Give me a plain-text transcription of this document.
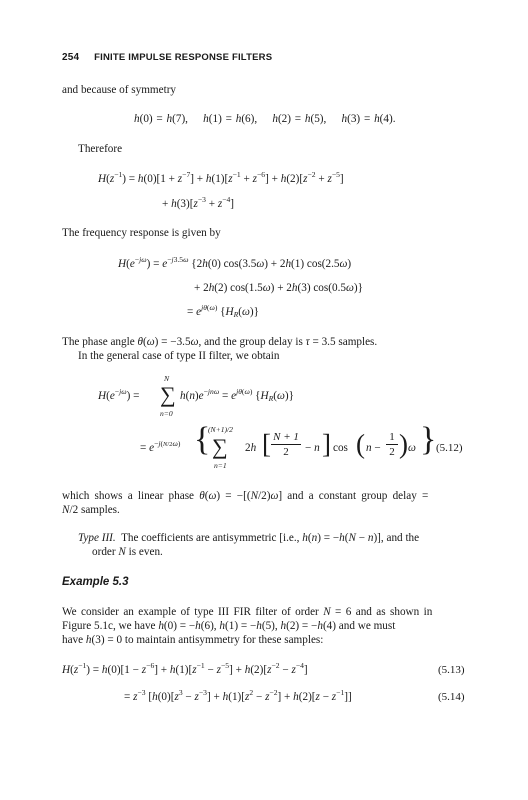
254 FINITE IMPULSE RESPONSE FILTERS
and because of symmetry
h(0) = h(7),    h(1) = h(6),    h(2) = h(5),    h(3) = h(4).
Therefore
$H(z^{-1}) = h(0)[1 + z^{-7}] + h(1)[z^{-1} + z^{-6}] + h(2)[z^{-2} + z^{-5}]$
+ $h(3)[z^{-3} + z^{-4}]$
The frequency response is given by
$H(e^{-j\omega}) = e^{-j3.5\omega}$ {2h(0) cos(3.5ω) + 2h(1) cos(2.5ω)
+ 2h(2) cos(1.5ω) + 2h(3) cos(0.5ω)}
= $e^{j\theta(\omega)}$ $\{H_R(\omega)\}$
The phase angle θ(ω) = −3.5ω, and the group delay is τ = 3.5 samples.
In the general case of type II filter, we obtain
N
$H(e^{-j\omega})$ = ∑ $h(n)e^{-jn\omega} = e^{j\theta(\omega)}$ $\{H_R(\omega)\}$
n=0
= $e^{-j(N/2\omega)}$ {
(N+1)/2
∑
n=1
2h [ N + 1
2	− n ] cos ( n −
1
2 ) ω } (5.12)
which shows a linear phase θ(ω) = −[(N/2)ω] and a constant group delay =
N/2 samples.
Type III.  The coefficients are antisymmetric [i.e., h(n) = −h(N − n)], and the
order N is even.
Example 5.3
We consider an example of type III FIR filter of order N = 6 and as shown in
Figure 5.1c, we have h(0) = −h(6), h(1) = −h(5), h(2) = −h(4) and we must
have h(3) = 0 to maintain antisymmetry for these samples:
$H(z^{-1}) = h(0)[1 - z^{-6}] + h(1)[z^{-1} - z^{-5}] + h(2)[z^{-2} - z^{-4}]$	(5.13)
= $z^{-3}$ $[h(0)[z^3 - z^{-3}] + h(1)[z^2 - z^{-2}] + h(2)[z - z^{-1}]]$	(5.14)
